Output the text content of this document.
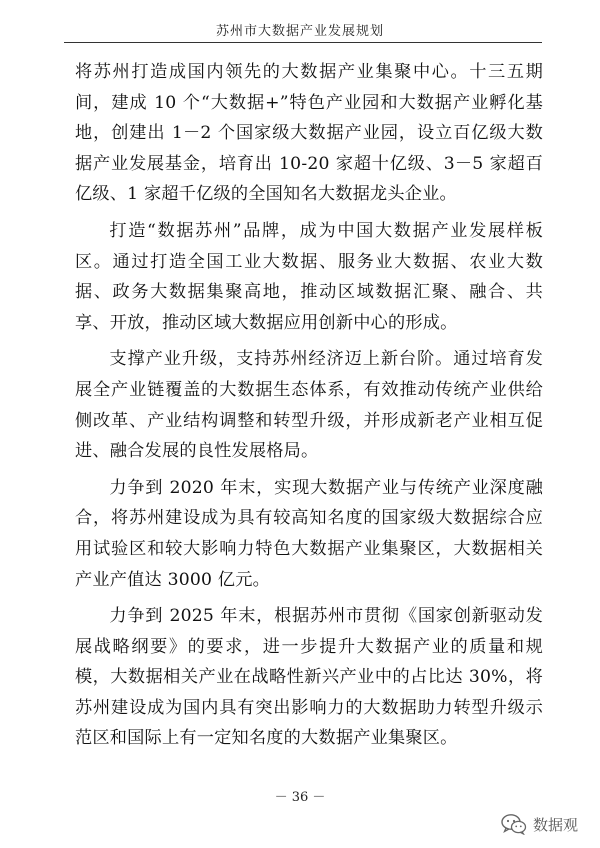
苏州市大数据产业发展规划

将苏州打造成国内领先的大数据产业集聚中心。十三五期间，建成 10 个“大数据+”特色产业园和大数据产业孵化基地，创建出 1－2 个国家级大数据产业园，设立百亿级大数据产业发展基金，培育出 10-20 家超十亿级、3－5 家超百亿级、1 家超千亿级的全国知名大数据龙头企业。

打造“数据苏州”品牌，成为中国大数据产业发展样板区。通过打造全国工业大数据、服务业大数据、农业大数据、政务大数据集聚高地，推动区域数据汇聚、融合、共享、开放，推动区域大数据应用创新中心的形成。

支撑产业升级，支持苏州经济迈上新台阶。通过培育发展全产业链覆盖的大数据生态体系，有效推动传统产业供给侧改革、产业结构调整和转型升级，并形成新老产业相互促进、融合发展的良性发展格局。

力争到 2020 年末，实现大数据产业与传统产业深度融合，将苏州建设成为具有较高知名度的国家级大数据综合应用试验区和较大影响力特色大数据产业集聚区，大数据相关产业产值达 3000 亿元。

力争到 2025 年末，根据苏州市贯彻《国家创新驱动发展战略纲要》的要求，进一步提升大数据产业的质量和规模，大数据相关产业在战略性新兴产业中的占比达 30%，将苏州建设成为国内具有突出影响力的大数据助力转型升级示范区和国际上有一定知名度的大数据产业集聚区。

－ 36 －
数据观
